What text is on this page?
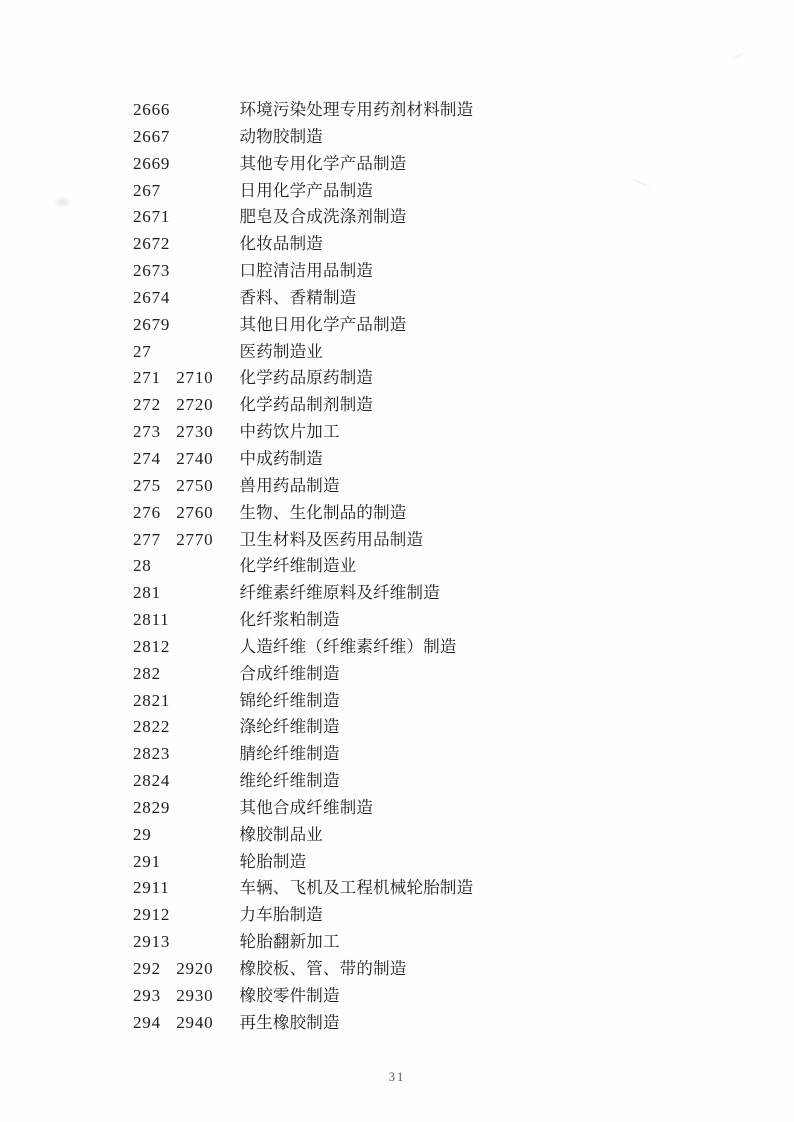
2666	环境污染处理专用药剂材料制造
2667	动物胶制造
2669	其他专用化学产品制造
267	日用化学产品制造
2671	肥皂及合成洗涤剂制造
2672	化妆品制造
2673	口腔清洁用品制造
2674	香料、香精制造
2679	其他日用化学产品制造
27	医药制造业
271 2710 化学药品原药制造
272 2720 化学药品制剂制造
273 2730 中药饮片加工
274 2740 中成药制造
275 2750 兽用药品制造
276 2760 生物、生化制品的制造
277 2770 卫生材料及医药用品制造
28	化学纤维制造业
281	纤维素纤维原料及纤维制造
2811	化纤浆粕制造
2812	人造纤维（纤维素纤维）制造
282	合成纤维制造
2821	锦纶纤维制造
2822	涤纶纤维制造
2823	腈纶纤维制造
2824	维纶纤维制造
2829	其他合成纤维制造
29	橡胶制品业
291	轮胎制造
2911	车辆、飞机及工程机械轮胎制造
2912	力车胎制造
2913	轮胎翻新加工
292 2920 橡胶板、管、带的制造
293 2930 橡胶零件制造
294 2940 再生橡胶制造
31
